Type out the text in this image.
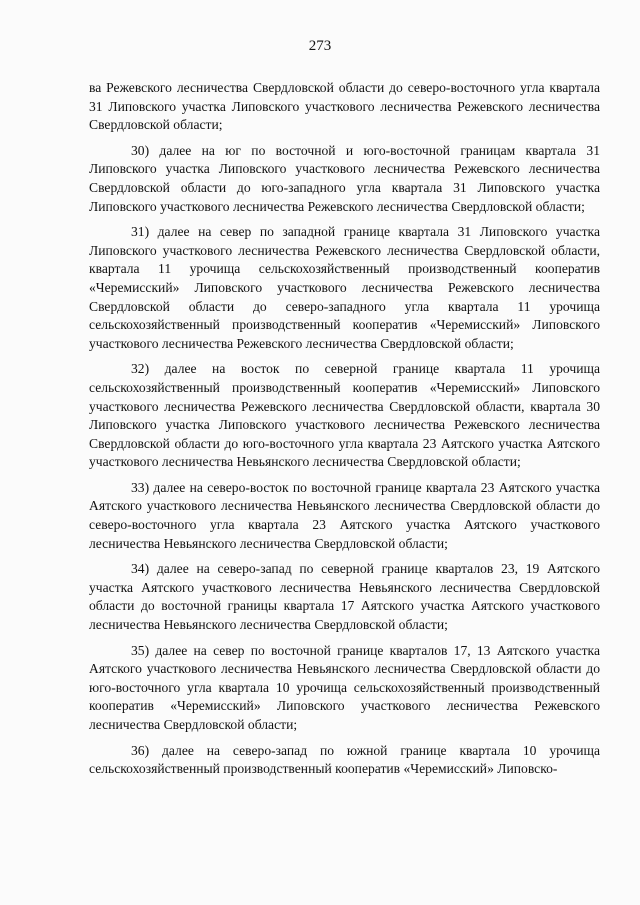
273

ва Режевского лесничества Свердловской области до северо-восточного угла квартала 31 Липовского участка Липовского участкового лесничества Режевского лесничества Свердловской области;

30) далее на юг по восточной и юго-восточной границам квартала 31 Липовского участка Липовского участкового лесничества Режевского лесничества Свердловской области до юго-западного угла квартала 31 Липовского участка Липовского участкового лесничества Режевского лесничества Свердловской области;

31) далее на север по западной границе квартала 31 Липовского участка Липовского участкового лесничества Режевского лесничества Свердловской области, квартала 11 урочища сельскохозяйственный производственный кооператив «Черемисский» Липовского участкового лесничества Режевского лесничества Свердловской области до северо-западного угла квартала 11 урочища сельскохозяйственный производственный кооператив «Черемисский» Липовского участкового лесничества Режевского лесничества Свердловской области;

32) далее на восток по северной границе квартала 11 урочища сельскохозяйственный производственный кооператив «Черемисский» Липовского участкового лесничества Режевского лесничества Свердловской области, квартала 30 Липовского участка Липовского участкового лесничества Режевского лесничества Свердловской области до юго-восточного угла квартала 23 Аятского участка Аятского участкового лесничества Невьянского лесничества Свердловской области;

33) далее на северо-восток по восточной границе квартала 23 Аятского участка Аятского участкового лесничества Невьянского лесничества Свердловской области до северо-восточного угла квартала 23 Аятского участка Аятского участкового лесничества Невьянского лесничества Свердловской области;

34) далее на северо-запад по северной границе кварталов 23, 19 Аятского участка Аятского участкового лесничества Невьянского лесничества Свердловской области до восточной границы квартала 17 Аятского участка Аятского участкового лесничества Невьянского лесничества Свердловской области;

35) далее на север по восточной границе кварталов 17, 13 Аятского участка Аятского участкового лесничества Невьянского лесничества Свердловской области до юго-восточного угла квартала 10 урочища сельскохозяйственный производственный кооператив «Черемисский» Липовского участкового лесничества Режевского лесничества Свердловской области;

36) далее на северо-запад по южной границе квартала 10 урочища сельскохозяйственный производственный кооператив «Черемисский» Липовско-
